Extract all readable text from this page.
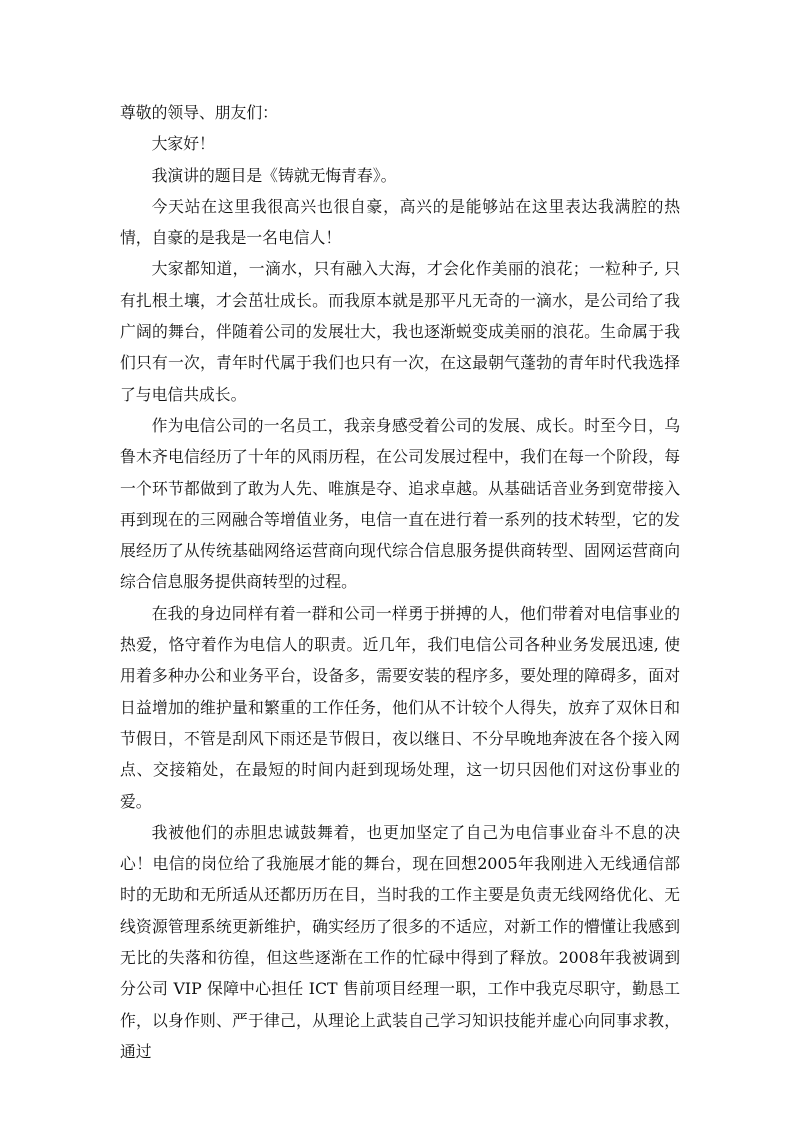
尊敬的领导、朋友们：

大家好！

我演讲的题目是《铸就无悔青春》。

今天站在这里我很高兴也很自豪，高兴的是能够站在这里表达我满腔的热情，自豪的是我是一名电信人！

大家都知道，一滴水，只有融入大海，才会化作美丽的浪花；一粒种子, 只有扎根土壤，才会茁壮成长。而我原本就是那平凡无奇的一滴水，是公司给了我广阔的舞台，伴随着公司的发展壮大，我也逐渐蜕变成美丽的浪花。生命属于我们只有一次，青年时代属于我们也只有一次，在这最朝气蓬勃的青年时代我选择了与电信共成长。

作为电信公司的一名员工，我亲身感受着公司的发展、成长。时至今日，乌鲁木齐电信经历了十年的风雨历程，在公司发展过程中，我们在每一个阶段，每一个环节都做到了敢为人先、唯旗是夺、追求卓越。从基础话音业务到宽带接入再到现在的三网融合等增值业务，电信一直在进行着一系列的技术转型，它的发展经历了从传统基础网络运营商向现代综合信息服务提供商转型、固网运营商向综合信息服务提供商转型的过程。

在我的身边同样有着一群和公司一样勇于拼搏的人，他们带着对电信事业的热爱，恪守着作为电信人的职责。近几年，我们电信公司各种业务发展迅速, 使用着多种办公和业务平台，设备多，需要安装的程序多，要处理的障碍多，面对日益增加的维护量和繁重的工作任务，他们从不计较个人得失，放弃了双休日和节假日，不管是刮风下雨还是节假日，夜以继日、不分早晚地奔波在各个接入网点、交接箱处，在最短的时间内赶到现场处理，这一切只因他们对这份事业的爱。

我被他们的赤胆忠诚鼓舞着，也更加坚定了自己为电信事业奋斗不息的决心！电信的岗位给了我施展才能的舞台，现在回想2005年我刚进入无线通信部时的无助和无所适从还都历历在目，当时我的工作主要是负责无线网络优化、无线资源管理系统更新维护，确实经历了很多的不适应，对新工作的懵懂让我感到无比的失落和彷徨，但这些逐渐在工作的忙碌中得到了释放。2008年我被调到分公司 VIP 保障中心担任 ICT 售前项目经理一职，工作中我克尽职守，勤恳工作，以身作则、严于律己，从理论上武装自己学习知识技能并虚心向同事求教，通过
